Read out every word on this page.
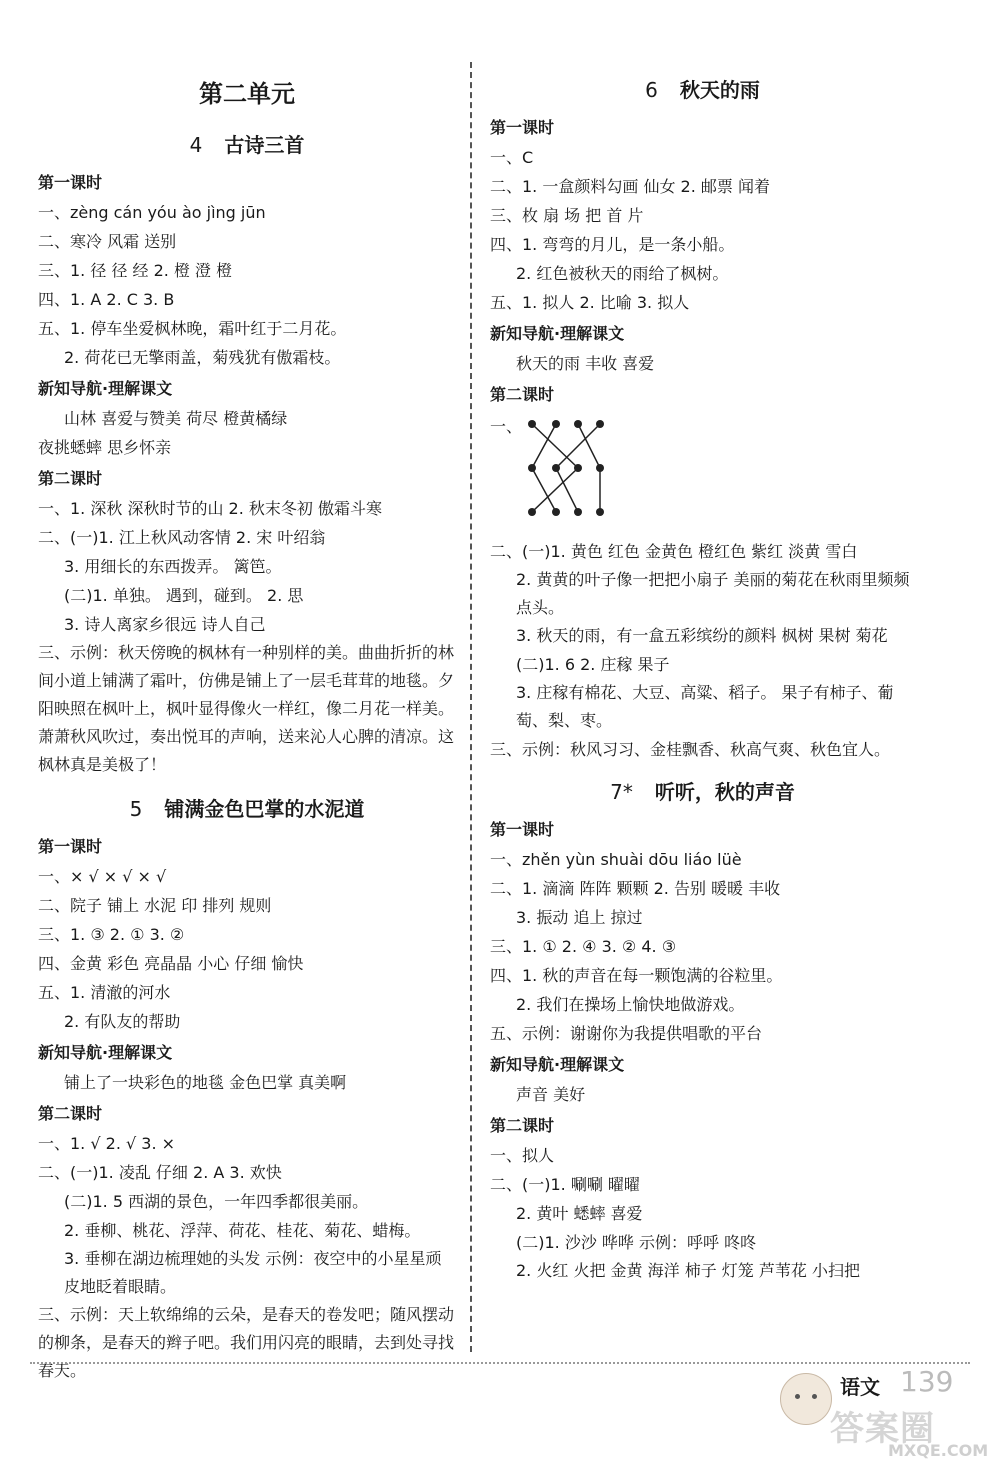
第二单元
4 古诗三首
第一课时
一、zèng cán yóu ào jìng jūn
二、寒冷 风霜 送别
三、1. 径 径 经 2. 橙 澄 橙
四、1. A 2. C 3. B
五、1. 停车坐爱枫林晚，霜叶红于二月花。
2. 荷花已无擎雨盖，菊残犹有傲霜枝。
新知导航·理解课文
山林 喜爱与赞美 荷尽 橙黄橘绿
夜挑蟋蟀 思乡怀亲
第二课时
一、1. 深秋 深秋时节的山 2. 秋末冬初 傲霜斗寒
二、(一)1. 江上秋风动客情 2. 宋 叶绍翁
3. 用细长的东西拨弄。 篱笆。
(二)1. 单独。 遇到，碰到。 2. 思
3. 诗人离家乡很远 诗人自己
三、示例：秋天傍晚的枫林有一种别样的美。曲曲折折的林间小道上铺满了霜叶，仿佛是铺上了一层毛茸茸的地毯。夕阳映照在枫叶上，枫叶显得像火一样红，像二月花一样美。萧萧秋风吹过，奏出悦耳的声响，送来沁人心脾的清凉。这枫林真是美极了！
5 铺满金色巴掌的水泥道
第一课时
一、× √ × √ × √
二、院子 铺上 水泥 印 排列 规则
三、1. ③ 2. ① 3. ②
四、金黄 彩色 亮晶晶 小心 仔细 愉快
五、1. 清澈的河水
2. 有队友的帮助
新知导航·理解课文
铺上了一块彩色的地毯 金色巴掌 真美啊
第二课时
一、1. √ 2. √ 3. ×
二、(一)1. 凌乱 仔细 2. A 3. 欢快
(二)1. 5 西湖的景色，一年四季都很美丽。
2. 垂柳、桃花、浮萍、荷花、桂花、菊花、蜡梅。
3. 垂柳在湖边梳理她的头发 示例：夜空中的小星星顽皮地眨着眼睛。
三、示例：天上软绵绵的云朵，是春天的卷发吧；随风摆动的柳条，是春天的辫子吧。我们用闪亮的眼睛，去到处寻找春天。
6 秋天的雨
第一课时
一、C
二、1. 一盒颜料勾画 仙女 2. 邮票 闻着
三、枚 扇 场 把 首 片
四、1. 弯弯的月儿，是一条小船。
2. 红色被秋天的雨给了枫树。
五、1. 拟人 2. 比喻 3. 拟人
新知导航·理解课文
秋天的雨 丰收 喜爱
第二课时
一、
二、(一)1. 黄色 红色 金黄色 橙红色 紫红 淡黄 雪白
2. 黄黄的叶子像一把把小扇子 美丽的菊花在秋雨里频频点头。
3. 秋天的雨，有一盒五彩缤纷的颜料 枫树 果树 菊花
(二)1. 6 2. 庄稼 果子
3. 庄稼有棉花、大豆、高粱、稻子。 果子有柿子、葡萄、梨、枣。
三、示例：秋风习习、金桂飘香、秋高气爽、秋色宜人。
7* 听听，秋的声音
第一课时
一、zhěn yùn shuài dōu liáo lüè
二、1. 滴滴 阵阵 颗颗 2. 告别 暖暖 丰收
3. 振动 追上 掠过
三、1. ① 2. ④ 3. ② 4. ③
四、1. 秋的声音在每一颗饱满的谷粒里。
2. 我们在操场上愉快地做游戏。
五、示例：谢谢你为我提供唱歌的平台
新知导航·理解课文
声音 美好
第二课时
一、拟人
二、(一)1. 唰唰 曜曜
2. 黄叶 蟋蟀 喜爱
(二)1. 沙沙 哗哗 示例：呼呼 咚咚
2. 火红 火把 金黄 海洋 柿子 灯笼 芦苇花 小扫把
语文 139
答案圈
MXQE.COM
